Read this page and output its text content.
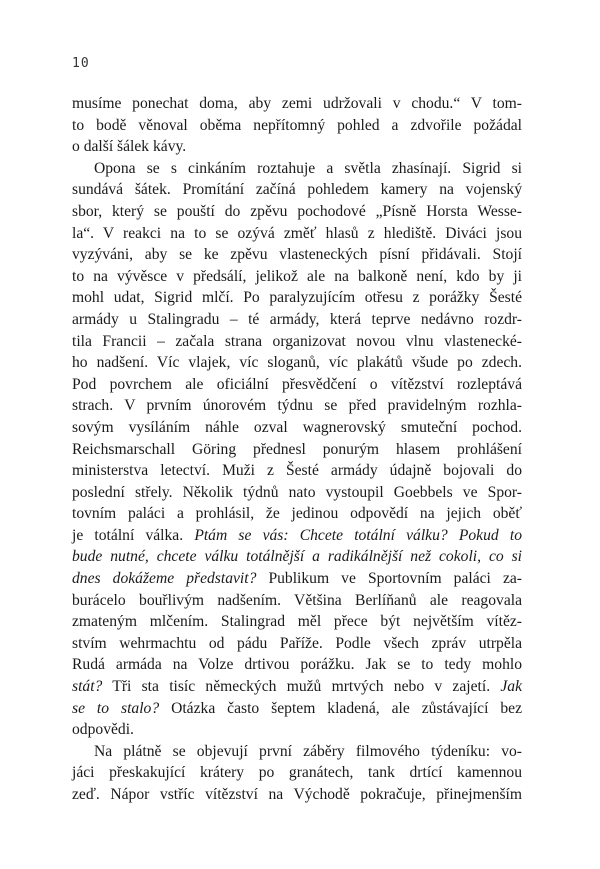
10
musíme ponechat doma, aby zemi udržovali v chodu.“ V tom-
to bodě věnoval oběma nepřítomný pohled a zdvořile požádal
o další šálek kávy.
Opona se s cinkáním roztahuje a světla zhasínají. Sigrid si
sundává šátek. Promítání začíná pohledem kamery na vojenský
sbor, který se pouští do zpěvu pochodové „Písně Horsta Wesse-
la“. V reakci na to se ozývá změť hlasů z hlediště. Diváci jsou
vyzýváni, aby se ke zpěvu vlasteneckých písní přidávali. Stojí
to na vývěsce v předsálí, jelikož ale na balkoně není, kdo by ji
mohl udat, Sigrid mlčí. Po paralyzujícím otřesu z porážky Šesté
armády u Stalingradu – té armády, která teprve nedávno rozdr-
tila Francii – začala strana organizovat novou vlnu vlastenecké-
ho nadšení. Víc vlajek, víc sloganů, víc plakátů všude po zdech.
Pod povrchem ale oficiální přesvědčení o vítězství rozleptává
strach. V prvním únorovém týdnu se před pravidelným rozhla-
sovým vysíláním náhle ozval wagnerovský smuteční pochod.
Reichsmarschall Göring přednesl ponurým hlasem prohlášení
ministerstva letectví. Muži z Šesté armády údajně bojovali do
poslední střely. Několik týdnů nato vystoupil Goebbels ve Spor-
tovním paláci a prohlásil, že jedinou odpovědí na jejich oběť
je totální válka. Ptám se vás: Chcete totální válku? Pokud to
bude nutné, chcete válku totálnější a radikálnější než cokoli, co si
dnes dokážeme představit? Publikum ve Sportovním paláci za-
burácelo bouřlivým nadšením. Většina Berlíňanů ale reagovala
zmateným mlčením. Stalingrad měl přece být největším vítěz-
stvím wehrmachtu od pádu Paříže. Podle všech zpráv utrpěla
Rudá armáda na Volze drtivou porážku. Jak se to tedy mohlo
stát? Tři sta tisíc německých mužů mrtvých nebo v zajetí. Jak
se to stalo? Otázka často šeptem kladená, ale zůstávající bez
odpovědi.
Na plátně se objevují první záběry filmového týdeníku: vo-
jáci přeskakující krátery po granátech, tank drtící kamennou
zeď. Nápor vstříc vítězství na Východě pokračuje, přinejmenším
